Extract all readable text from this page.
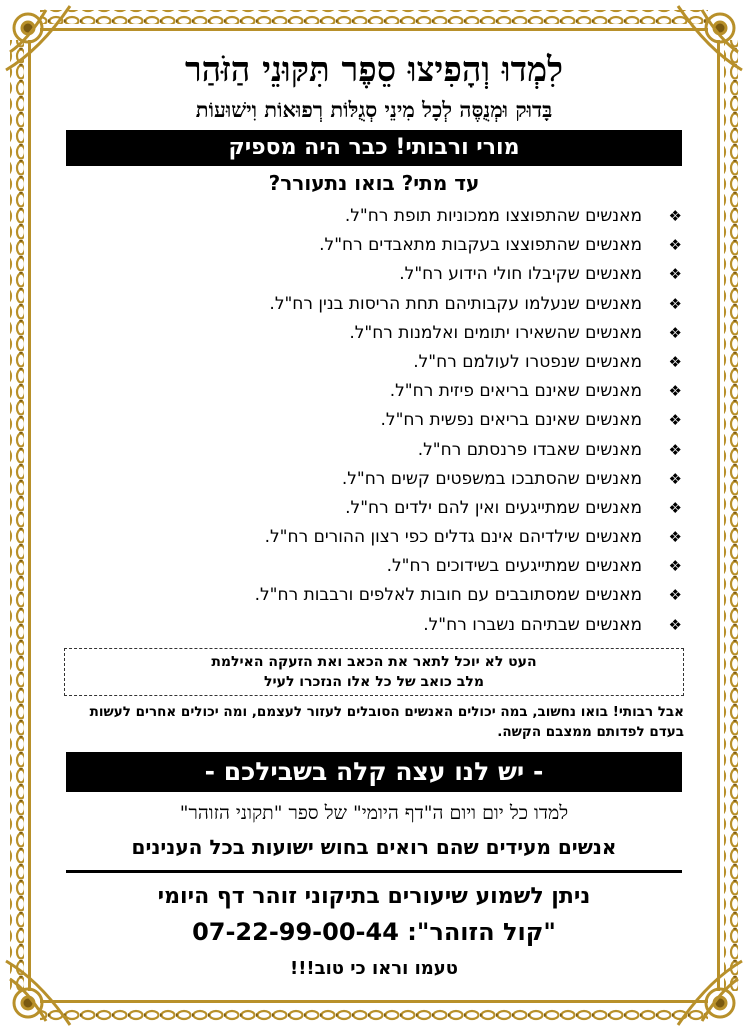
לִמְדוּ וְהָפִיצוּ סֵפֶר תִּקּוּנֵי הַזֹּהַר
בָּדוּק וּמְנֻסֶּה לְכָל מִינֵי סְגֻלּוֹת רְפוּאוֹת וִישׁוּעוֹת
מורי ורבותי! כבר היה מספיק
עד מתי? בואו נתעורר?
❖
מאנשים שהתפוצצו ממכוניות תופת רח"ל.
❖
מאנשים שהתפוצצו בעקבות מתאבדים רח"ל.
❖
מאנשים שקיבלו חולי הידוע רח"ל.
❖
מאנשים שנעלמו עקבותיהם תחת הריסות בנין רח"ל.
❖
מאנשים שהשאירו יתומים ואלמנות רח"ל.
❖
מאנשים שנפטרו לעולמם רח"ל.
❖
מאנשים שאינם בריאים פיזית רח"ל.
❖
מאנשים שאינם בריאים נפשית רח"ל.
❖
מאנשים שאבדו פרנסתם רח"ל.
❖
מאנשים שהסתבכו במשפטים קשים רח"ל.
❖
מאנשים שמתייגעים ואין להם ילדים רח"ל.
❖
מאנשים שילדיהם אינם גדלים כפי רצון ההורים רח"ל.
❖
מאנשים שמתייגעים בשידוכים רח"ל.
❖
מאנשים שמסתובבים עם חובות לאלפים ורבבות רח"ל.
❖
מאנשים שבתיהם נשברו רח"ל.
העט לא יוכל לתאר את הכאב ואת הזעקה האילמת
מלב כואב של כל אלו הנזכרו לעיל
אבל רבותי! בואו נחשוב, במה יכולים האנשים הסובלים לעזור לעצמם, ומה יכולים אחרים לעשות בעדם לפדותם ממצבם הקשה.
- יש לנו עצה קלה בשבילכם -
למדו כל יום ויום ה"דף היומי" של ספר "תקוני הזוהר"
אנשים מעידים שהם רואים בחוש ישועות בכל הענינים
ניתן לשמוע שיעורים בתיקוני זוהר דף היומי
"קול הזוהר": 07-22-99-00-44
טעמו וראו כי טוב!!!
